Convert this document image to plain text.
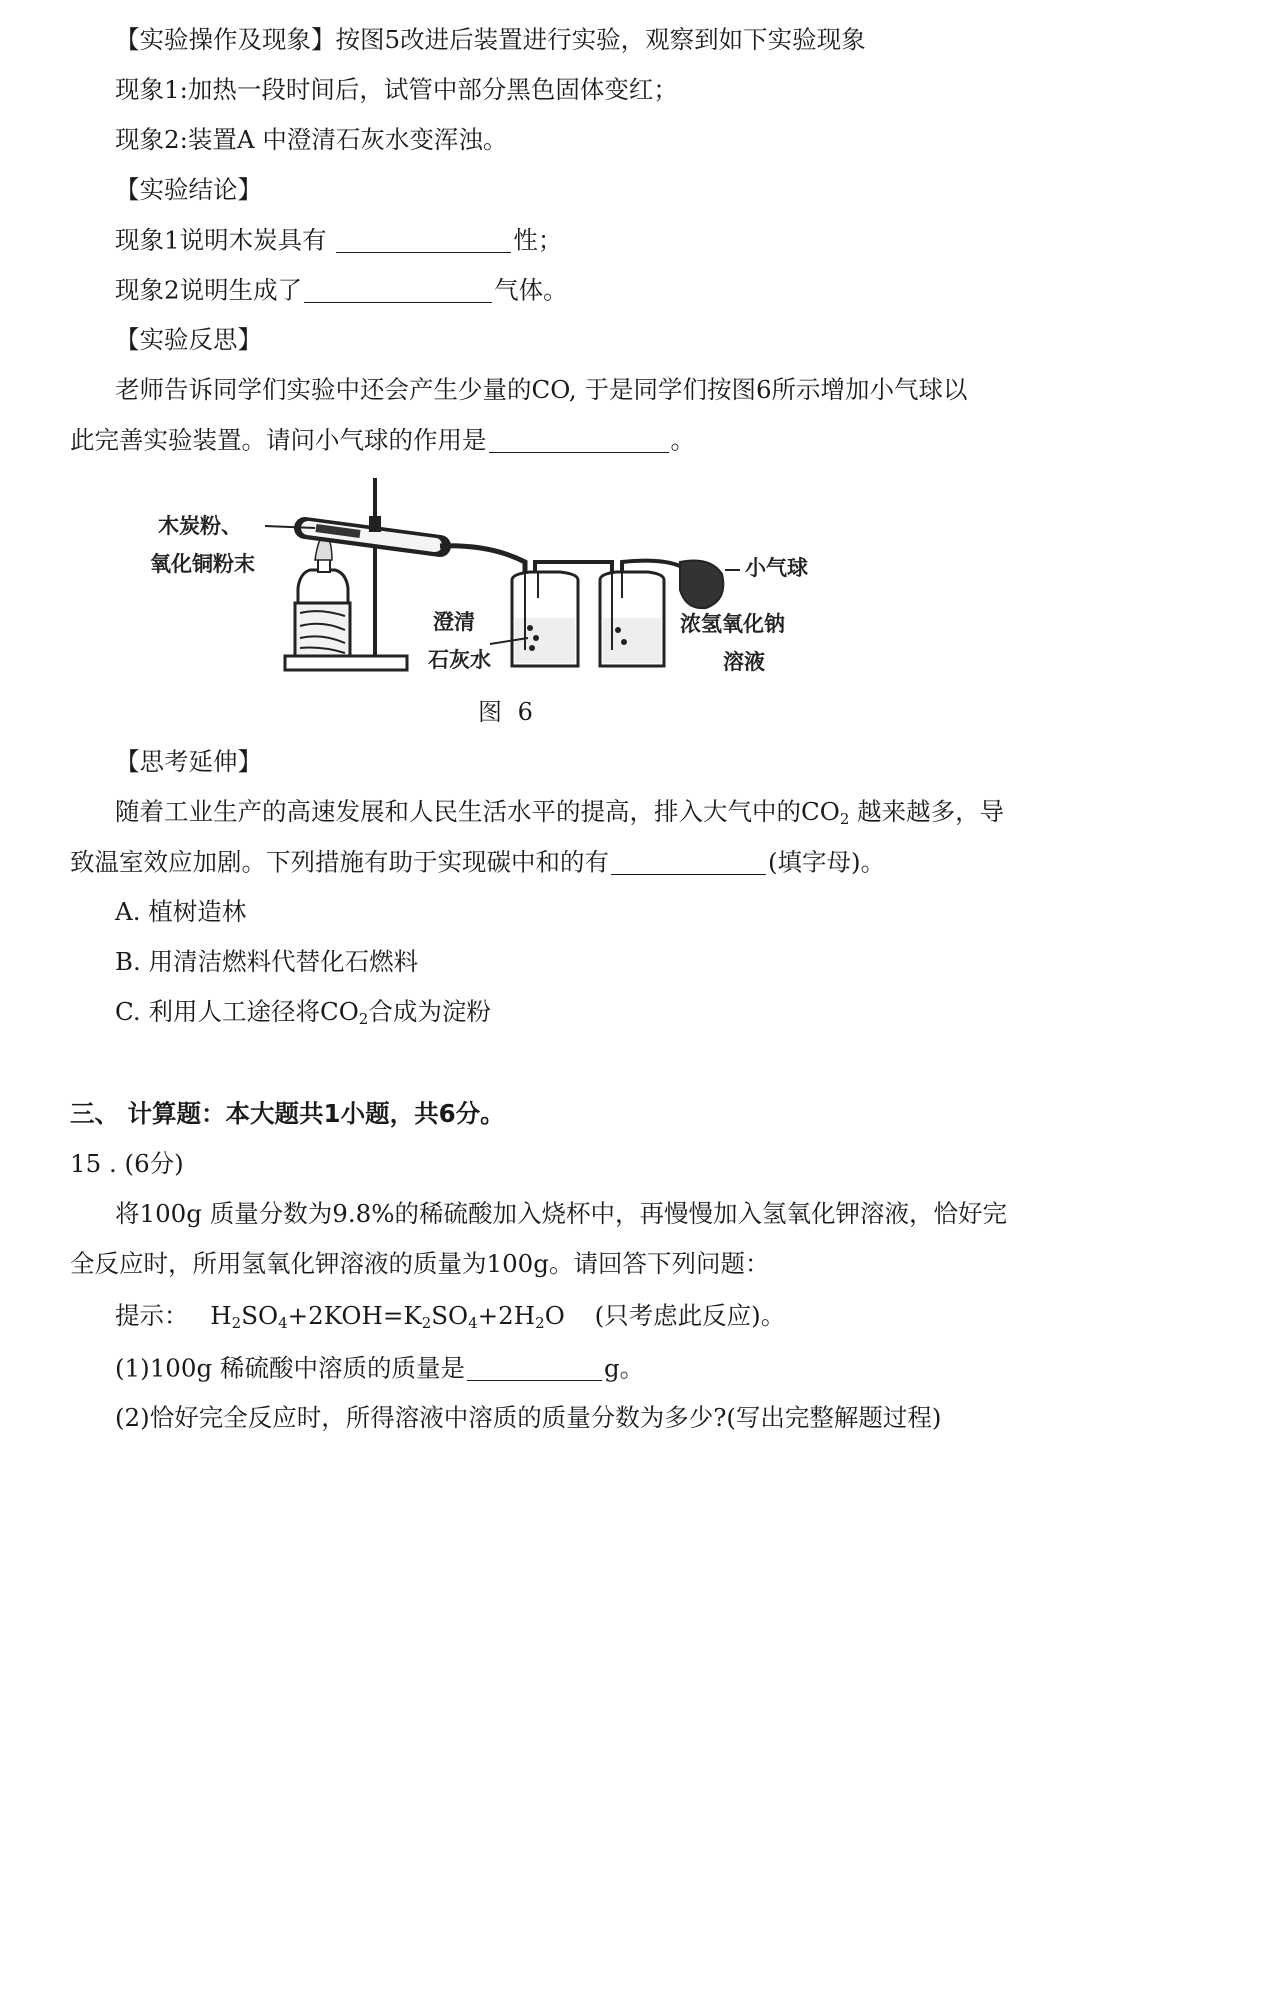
【实验操作及现象】按图5改进后装置进行实验，观察到如下实验现象
现象1:加热一段时间后，试管中部分黑色固体变红；
现象2:装置A 中澄清石灰水变浑浊。
【实验结论】
现象1说明木炭具有	性；
现象2说明生成了	气体。
【实验反思】
老师告诉同学们实验中还会产生少量的CO, 于是同学们按图6所示增加小气球以
此完善实验装置。请问小气球的作用是	。
木炭粉、
氧化铜粉末	小气球
澄清
石灰水
浓氢氧化钠
溶液
图 6
【思考延伸】
随着工业生产的高速发展和人民生活水平的提高，排入大气中的$CO_2$ 越来越多，导
致温室效应加剧。下列措施有助于实现碳中和的有	(填字母)。
A. 植树造林
B. 用清洁燃料代替化石燃料
C. 利用人工途径将$CO_2$合成为淀粉
三、 计算题：本大题共1小题，共6分。
15 . (6分)
将100g 质量分数为9.8%的稀硫酸加入烧杯中，再慢慢加入氢氧化钾溶液，恰好完
全反应时，所用氢氧化钾溶液的质量为100g。请回答下列问题：
提示： $H_2SO_4+2KOH=K_2SO_4+2H_2O$ (只考虑此反应)。
(1)100g 稀硫酸中溶质的质量是	g。
(2)恰好完全反应时，所得溶液中溶质的质量分数为多少?(写出完整解题过程)
